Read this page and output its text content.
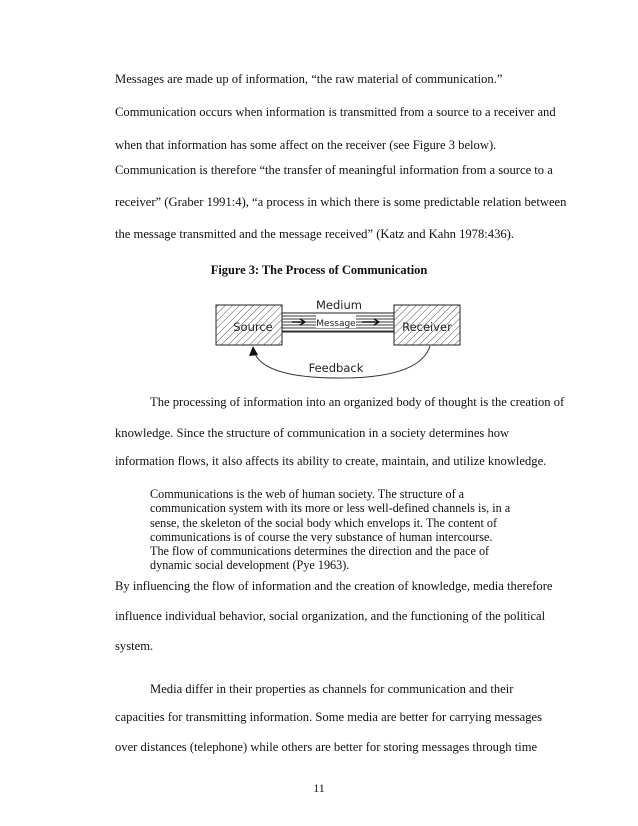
Messages are made up of information, “the raw material of communication.”
Communication occurs when information is transmitted from a source to a receiver and
when that information has some affect on the receiver (see Figure 3 below).
Communication is therefore “the transfer of meaningful information from a source to a
receiver” (Graber 1991:4), “a process in which there is some predictable relation between
the message transmitted and the message received” (Katz and Kahn 1978:436).
Figure 3: The Process of Communication
Source	Message
Medium
Receiver
Feedback
The processing of information into an organized body of thought is the creation of
knowledge. Since the structure of communication in a society determines how
information flows, it also affects its ability to create, maintain, and utilize knowledge.
Communications is the web of human society. The structure of a
communication system with its more or less well-defined channels is, in a
sense, the skeleton of the social body which envelops it. The content of
communications is of course the very substance of human intercourse.
The flow of communications determines the direction and the pace of
dynamic social development (Pye 1963).
By influencing the flow of information and the creation of knowledge, media therefore
influence individual behavior, social organization, and the functioning of the political
system.
Media differ in their properties as channels for communication and their
capacities for transmitting information. Some media are better for carrying messages
over distances (telephone) while others are better for storing messages through time
11
